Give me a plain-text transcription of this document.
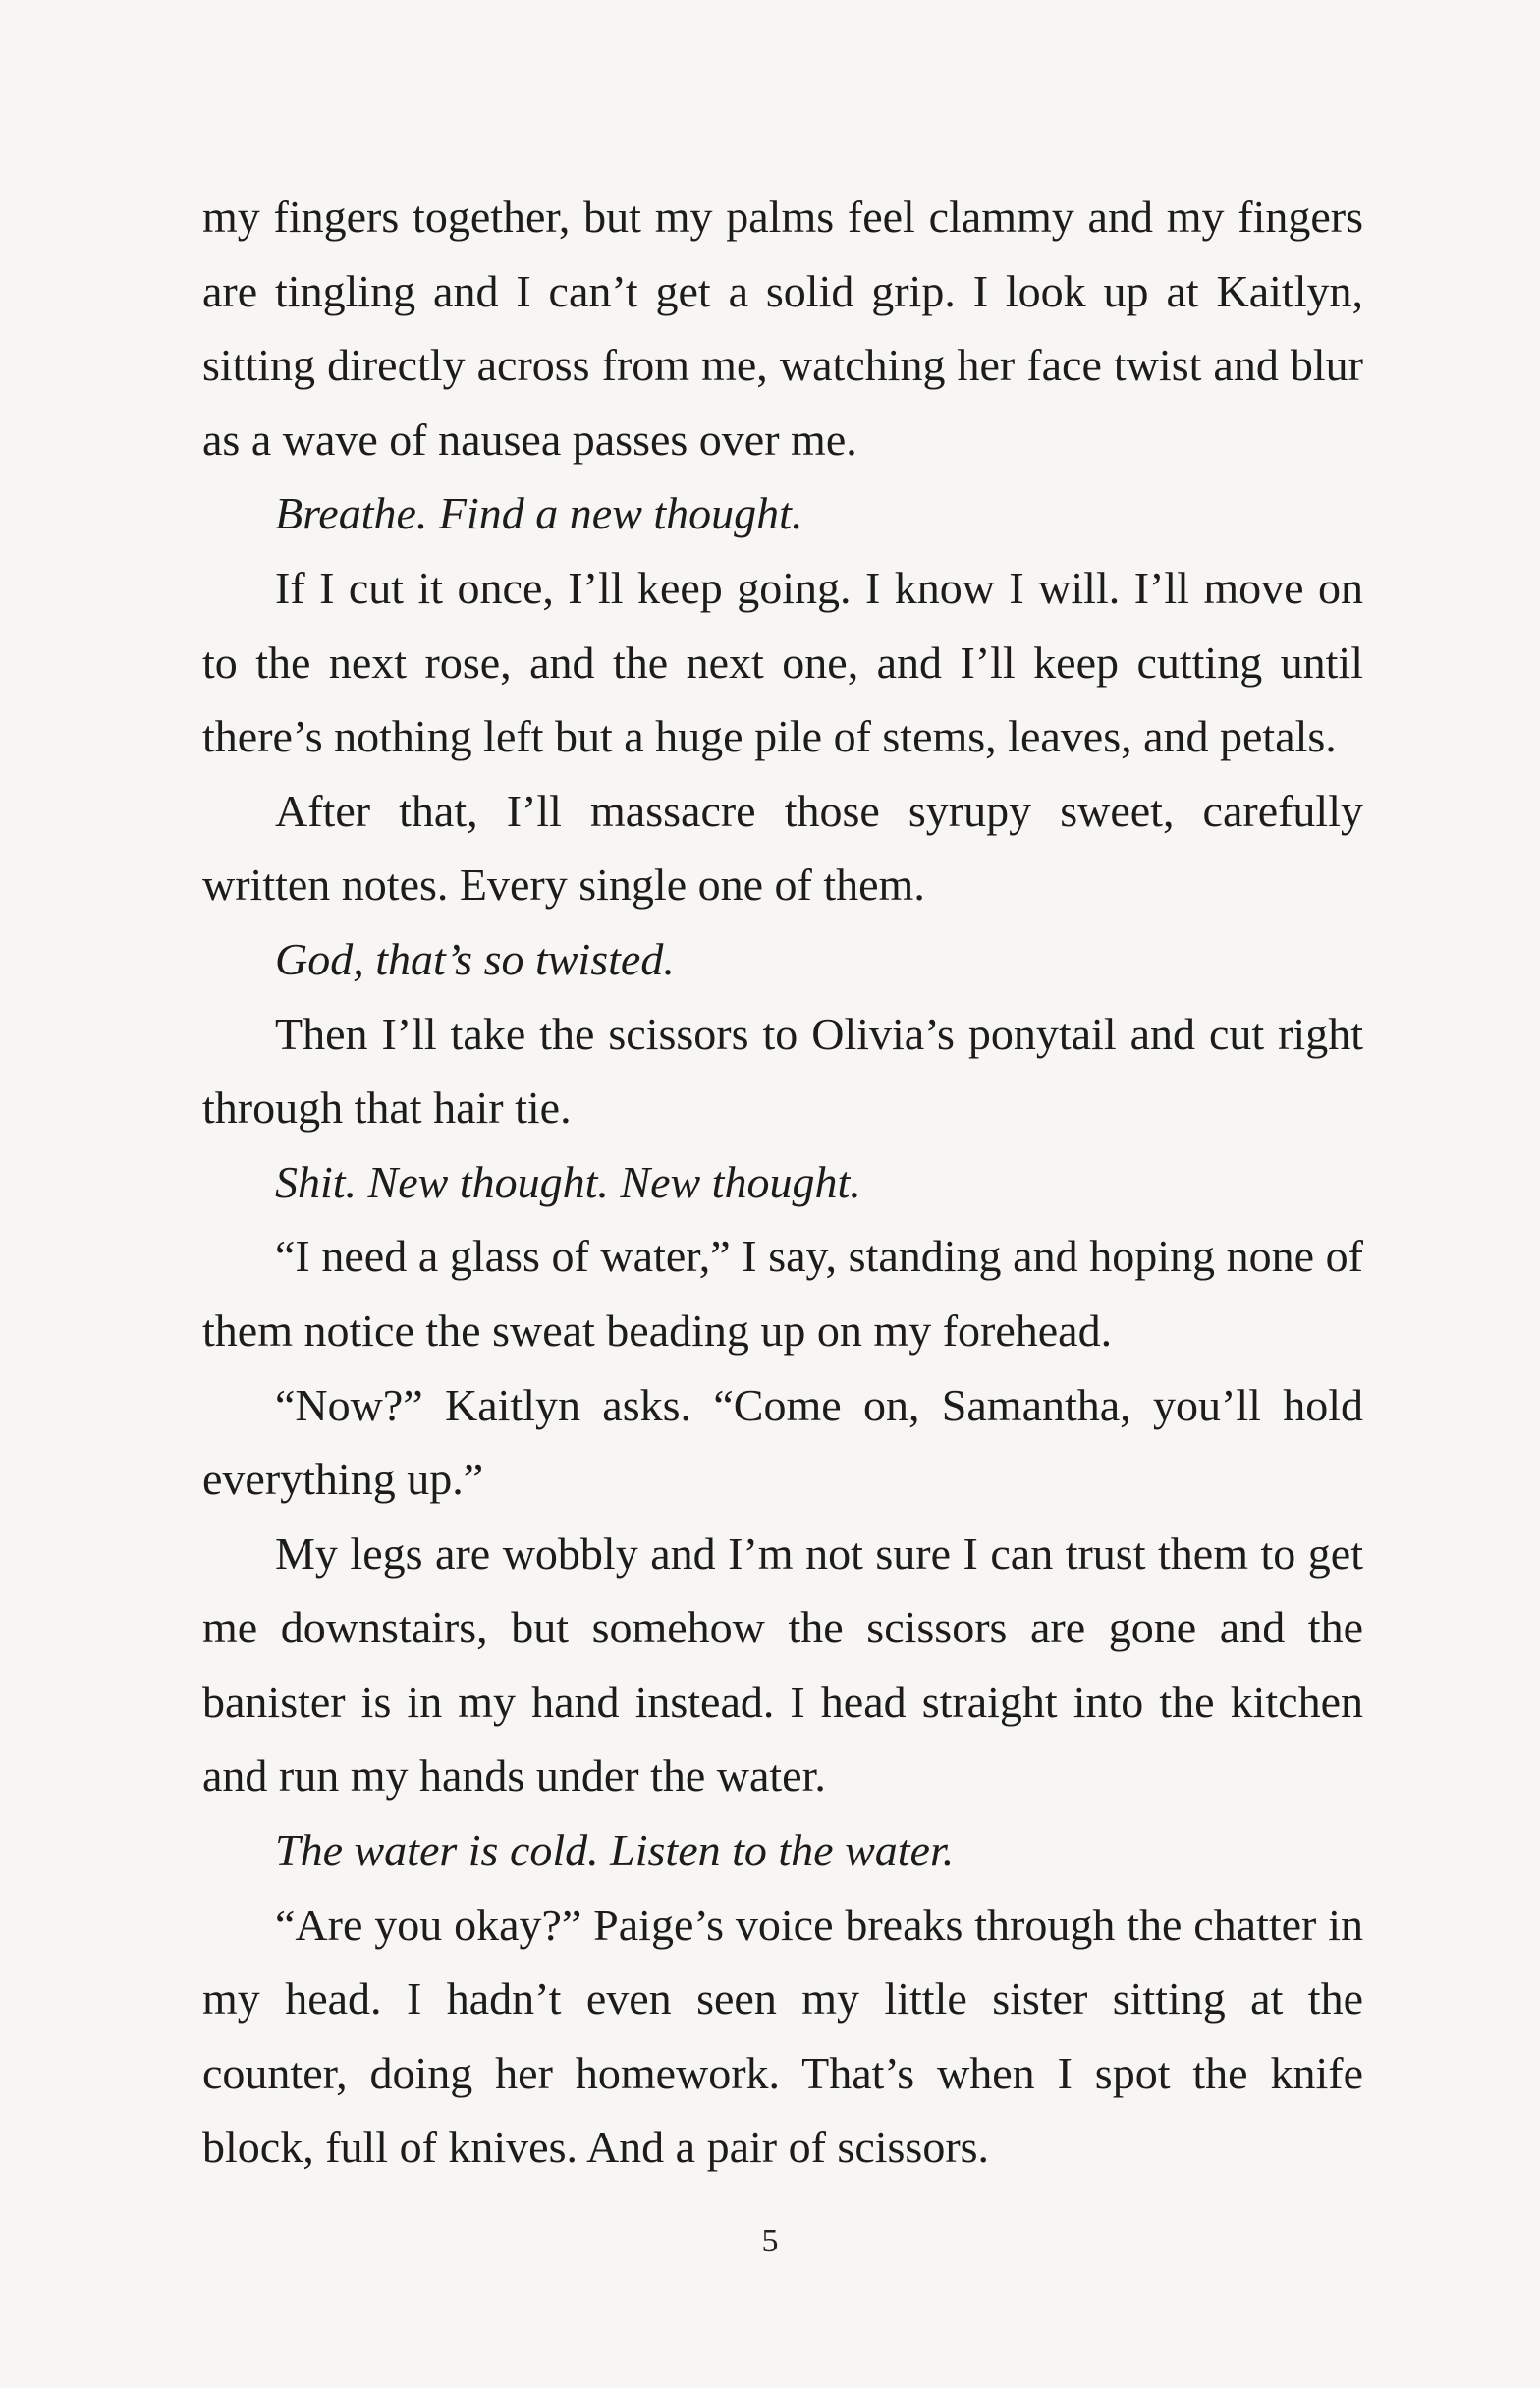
my fingers together, but my palms feel clammy and my fingers are tingling and I can’t get a solid grip. I look up at Kaitlyn, sitting directly across from me, watching her face twist and blur as a wave of nausea passes over me.

Breathe. Find a new thought.

If I cut it once, I’ll keep going. I know I will. I’ll move on to the next rose, and the next one, and I’ll keep cutting until there’s nothing left but a huge pile of stems, leaves, and petals.

After that, I’ll massacre those syrupy sweet, carefully written notes. Every single one of them.

God, that’s so twisted.

Then I’ll take the scissors to Olivia’s ponytail and cut right through that hair tie.

Shit. New thought. New thought.

“I need a glass of water,” I say, standing and hoping none of them notice the sweat beading up on my forehead.

“Now?” Kaitlyn asks. “Come on, Samantha, you’ll hold everything up.”

My legs are wobbly and I’m not sure I can trust them to get me downstairs, but somehow the scissors are gone and the banister is in my hand instead. I head straight into the kitchen and run my hands under the water.

The water is cold. Listen to the water.

“Are you okay?” Paige’s voice breaks through the chatter in my head. I hadn’t even seen my little sister sitting at the counter, doing her homework. That’s when I spot the knife block, full of knives. And a pair of scissors.

5
